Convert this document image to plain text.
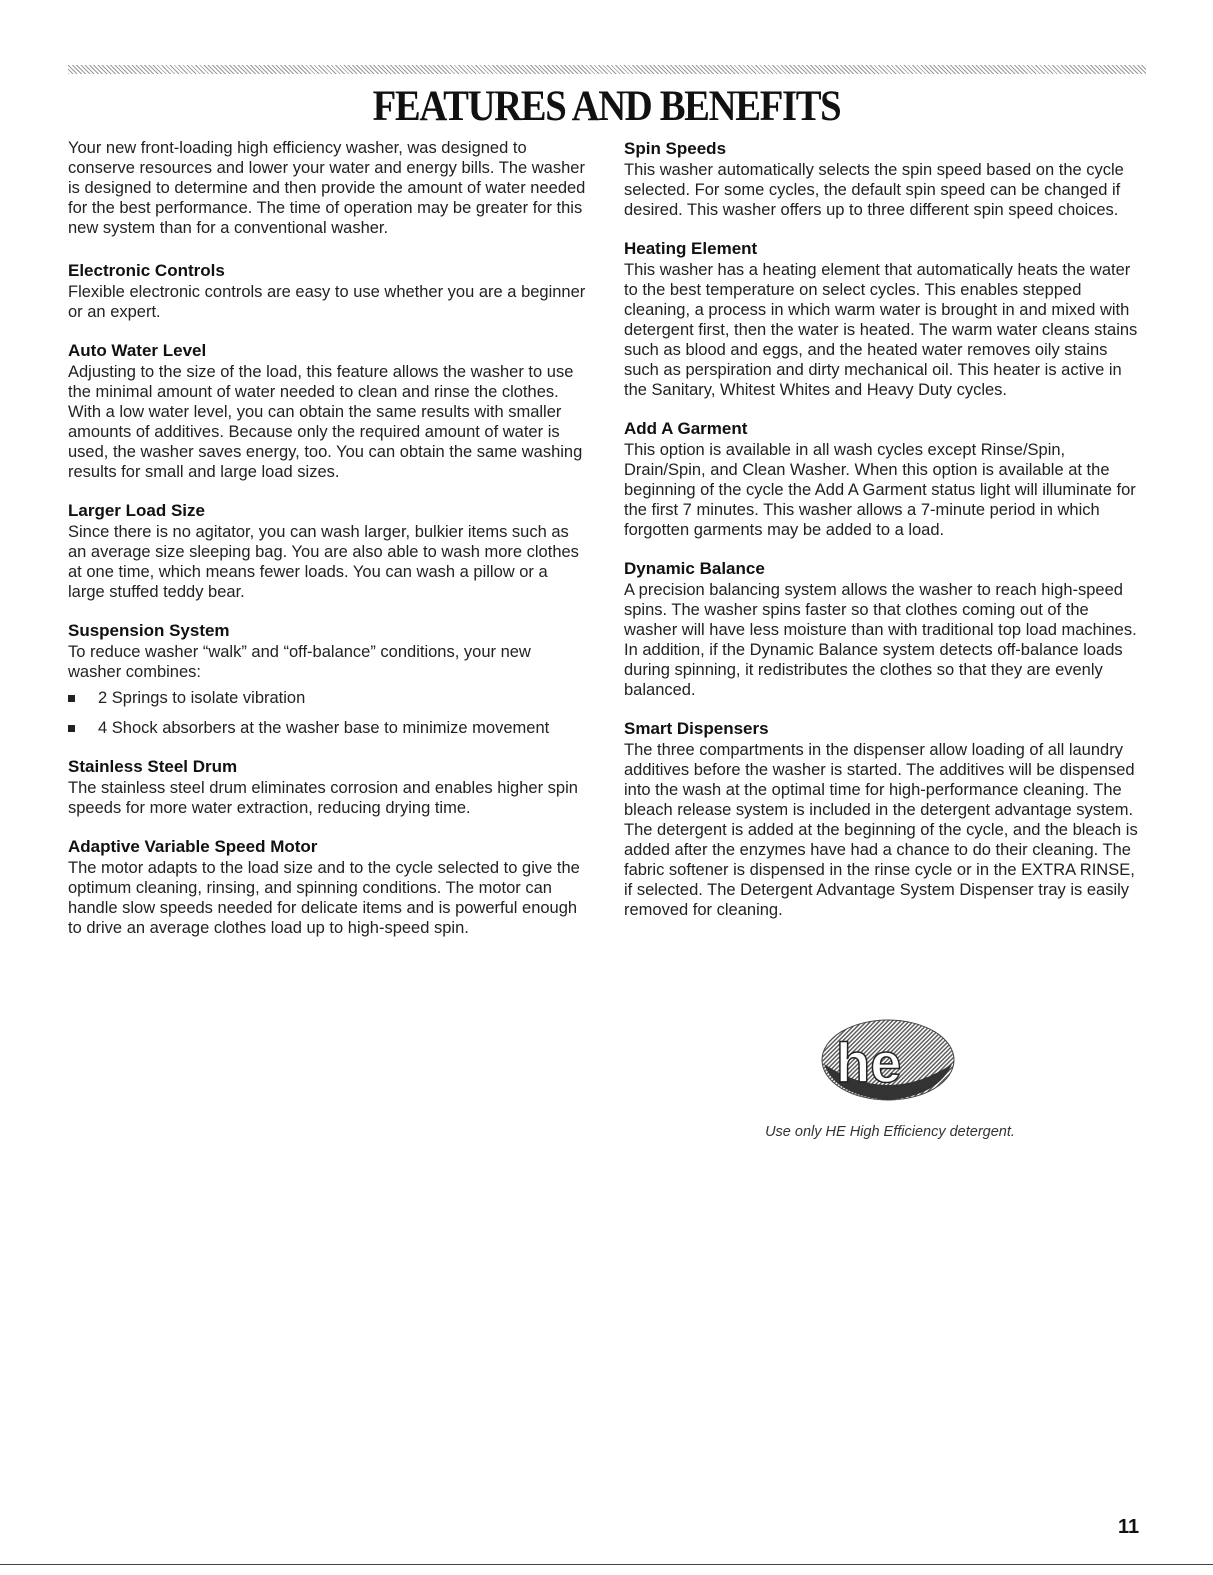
FEATURES AND BENEFITS

Your new front-loading high efficiency washer, was designed to conserve resources and lower your water and energy bills. The washer is designed to determine and then provide the amount of water needed for the best performance. The time of operation may be greater for this new system than for a conventional washer.

Electronic Controls

Flexible electronic controls are easy to use whether you are a beginner or an expert.

Auto Water Level

Adjusting to the size of the load, this feature allows the washer to use the minimal amount of water needed to clean and rinse the clothes. With a low water level, you can obtain the same results with smaller amounts of additives. Because only the required amount of water is used, the washer saves energy, too. You can obtain the same washing results for small and large load sizes.

Larger Load Size

Since there is no agitator, you can wash larger, bulkier items such as an average size sleeping bag. You are also able to wash more clothes at one time, which means fewer loads. You can wash a pillow or a large stuffed teddy bear.

Suspension System

To reduce washer “walk” and “off-balance” conditions, your new washer combines:

2 Springs to isolate vibration
4 Shock absorbers at the washer base to minimize movement
Stainless Steel Drum

The stainless steel drum eliminates corrosion and enables higher spin speeds for more water extraction, reducing drying time.

Adaptive Variable Speed Motor

The motor adapts to the load size and to the cycle selected to give the optimum cleaning, rinsing, and spinning conditions. The motor can handle slow speeds needed for delicate items and is powerful enough to drive an average clothes load up to high-speed spin.

Spin Speeds

This washer automatically selects the spin speed based on the cycle selected. For some cycles, the default spin speed can be changed if desired. This washer offers up to three different spin speed choices.

Heating Element

This washer has a heating element that automatically heats the water to the best temperature on select cycles. This enables stepped cleaning, a process in which warm water is brought in and mixed with detergent first, then the water is heated. The warm water cleans stains such as blood and eggs, and the heated water removes oily stains such as perspiration and dirty mechanical oil. This heater is active in the Sanitary, Whitest Whites and Heavy Duty cycles.

Add A Garment

This option is available in all wash cycles except Rinse/Spin, Drain/Spin, and Clean Washer. When this option is available at the beginning of the cycle the Add A Garment status light will illuminate for the first 7 minutes. This washer allows a 7-minute period in which forgotten garments may be added to a load.

Dynamic Balance

A precision balancing system allows the washer to reach high-speed spins. The washer spins faster so that clothes coming out of the washer will have less moisture than with traditional top load machines. In addition, if the Dynamic Balance system detects off-balance loads during spinning, it redistributes the clothes so that they are evenly balanced.

Smart Dispensers

The three compartments in the dispenser allow loading of all laundry additives before the washer is started. The additives will be dispensed into the wash at the optimal time for high-performance cleaning. The bleach release system is included in the detergent advantage system. The detergent is added at the beginning of the cycle, and the bleach is added after the enzymes have had a chance to do their cleaning. The fabric softener is dispensed in the rinse cycle or in the EXTRA RINSE, if selected. The Detergent Advantage System Dispenser tray is easily removed for cleaning.

he
Use only HE High Efficiency detergent.
11
